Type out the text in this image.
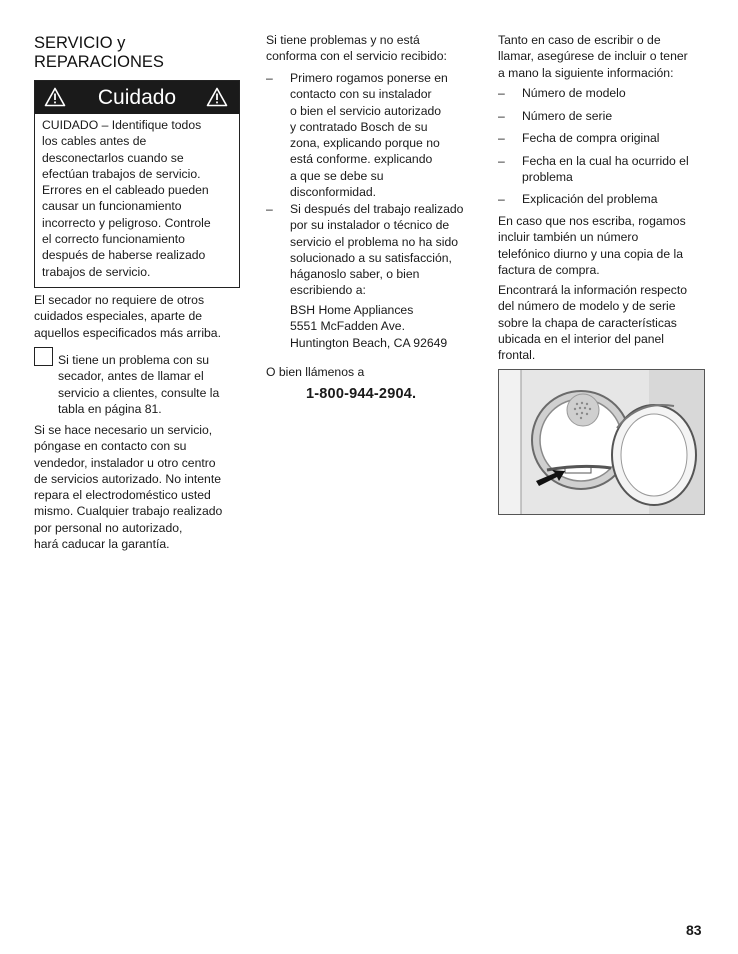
SERVICIO y
REPARACIONES
Cuidado
CUIDADO – Identifique todos
los cables antes de
desconectarlos cuando se
efectúan trabajos de servicio.
Errores en el cableado pueden
causar un funcionamiento
incorrecto y peligroso. Controle
el correcto funcionamiento
después de haberse realizado
trabajos de servicio.
El secador no requiere de otros
cuidados especiales, aparte de
aquellos especificados más arriba.
Si tiene un problema con su
secador, antes de llamar el
servicio a clientes, consulte la
tabla en página 81.
Si se hace necesario un servicio,
póngase en contacto con su
vendedor, instalador u otro centro
de servicios autorizado. No intente
repara el electrodoméstico usted
mismo. Cualquier trabajo realizado
por personal no autorizado,
hará caducar la garantía.
Si tiene problemas y no está
conforma con el servicio recibido:
– Primero rogamos ponerse en
contacto con su instalador
o bien el servicio autorizado
y contratado Bosch de su
zona, explicando porque no
está conforme. explicando
a que se debe su
disconformidad.
– Si después del trabajo realizado
por su instalador o técnico de
servicio el problema no ha sido
solucionado a su satisfacción,
háganoslo saber, o bien
escribiendo a:
BSH Home Appliances
5551 McFadden Ave.
Huntington Beach, CA 92649
O bien llámenos a
1-800-944-2904.
Tanto en caso de escribir o de
llamar, asegúrese de incluir o tener
a mano la siguiente información:
– Número de modelo
– Número de serie
– Fecha de compra original
– Fecha en la cual ha ocurrido el
problema
– Explicación del problema
En caso que nos escriba, rogamos
incluir también un número
telefónico diurno y una copia de la
factura de compra.
Encontrará la información respecto
del número de modelo y de serie
sobre la chapa de características
ubicada en el interior del panel
frontal.
83
